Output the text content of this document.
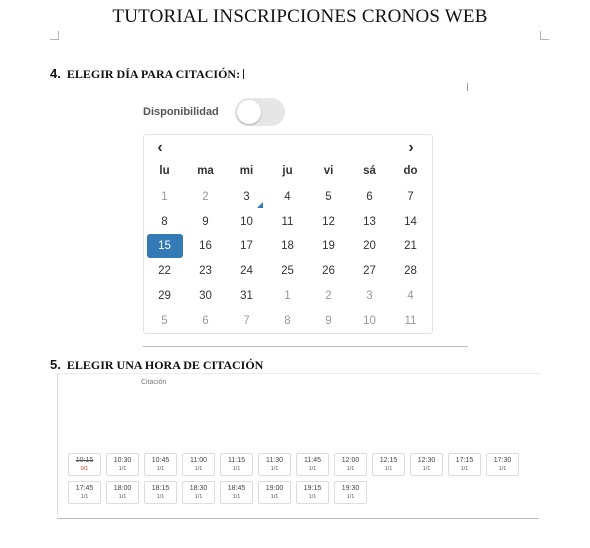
TUTORIAL INSCRIPCIONES CRONOS WEB
4. ELEGIR DÍA PARA CITACIÓN:
Disponibilidad
‹	›
lu	ma	mi	ju	vi	sá	do
1	2	3	4	5	6	7
8	9	10	11	12	13	14
15	16	17	18	19	20	21
22	23	24	25	26	27	28
29	30	31	1	2	3	4
5	6	7	8	9	10	11
5. ELEGIR UNA HORA DE CITACIÓN
Citación
10:15
0/1
10:30
1/1
10:45
1/1
11:00
1/1
11:15
1/1
11:30
1/1
11:45
1/1
12:00
1/1
12:15
1/1
12:30
1/1
17:15
1/1
17:30
1/1
17:45
1/1
18:00
1/1
18:15
1/1
18:30
1/1
18:45
1/1
19:00
1/1
19:15
1/1
19:30
1/1
